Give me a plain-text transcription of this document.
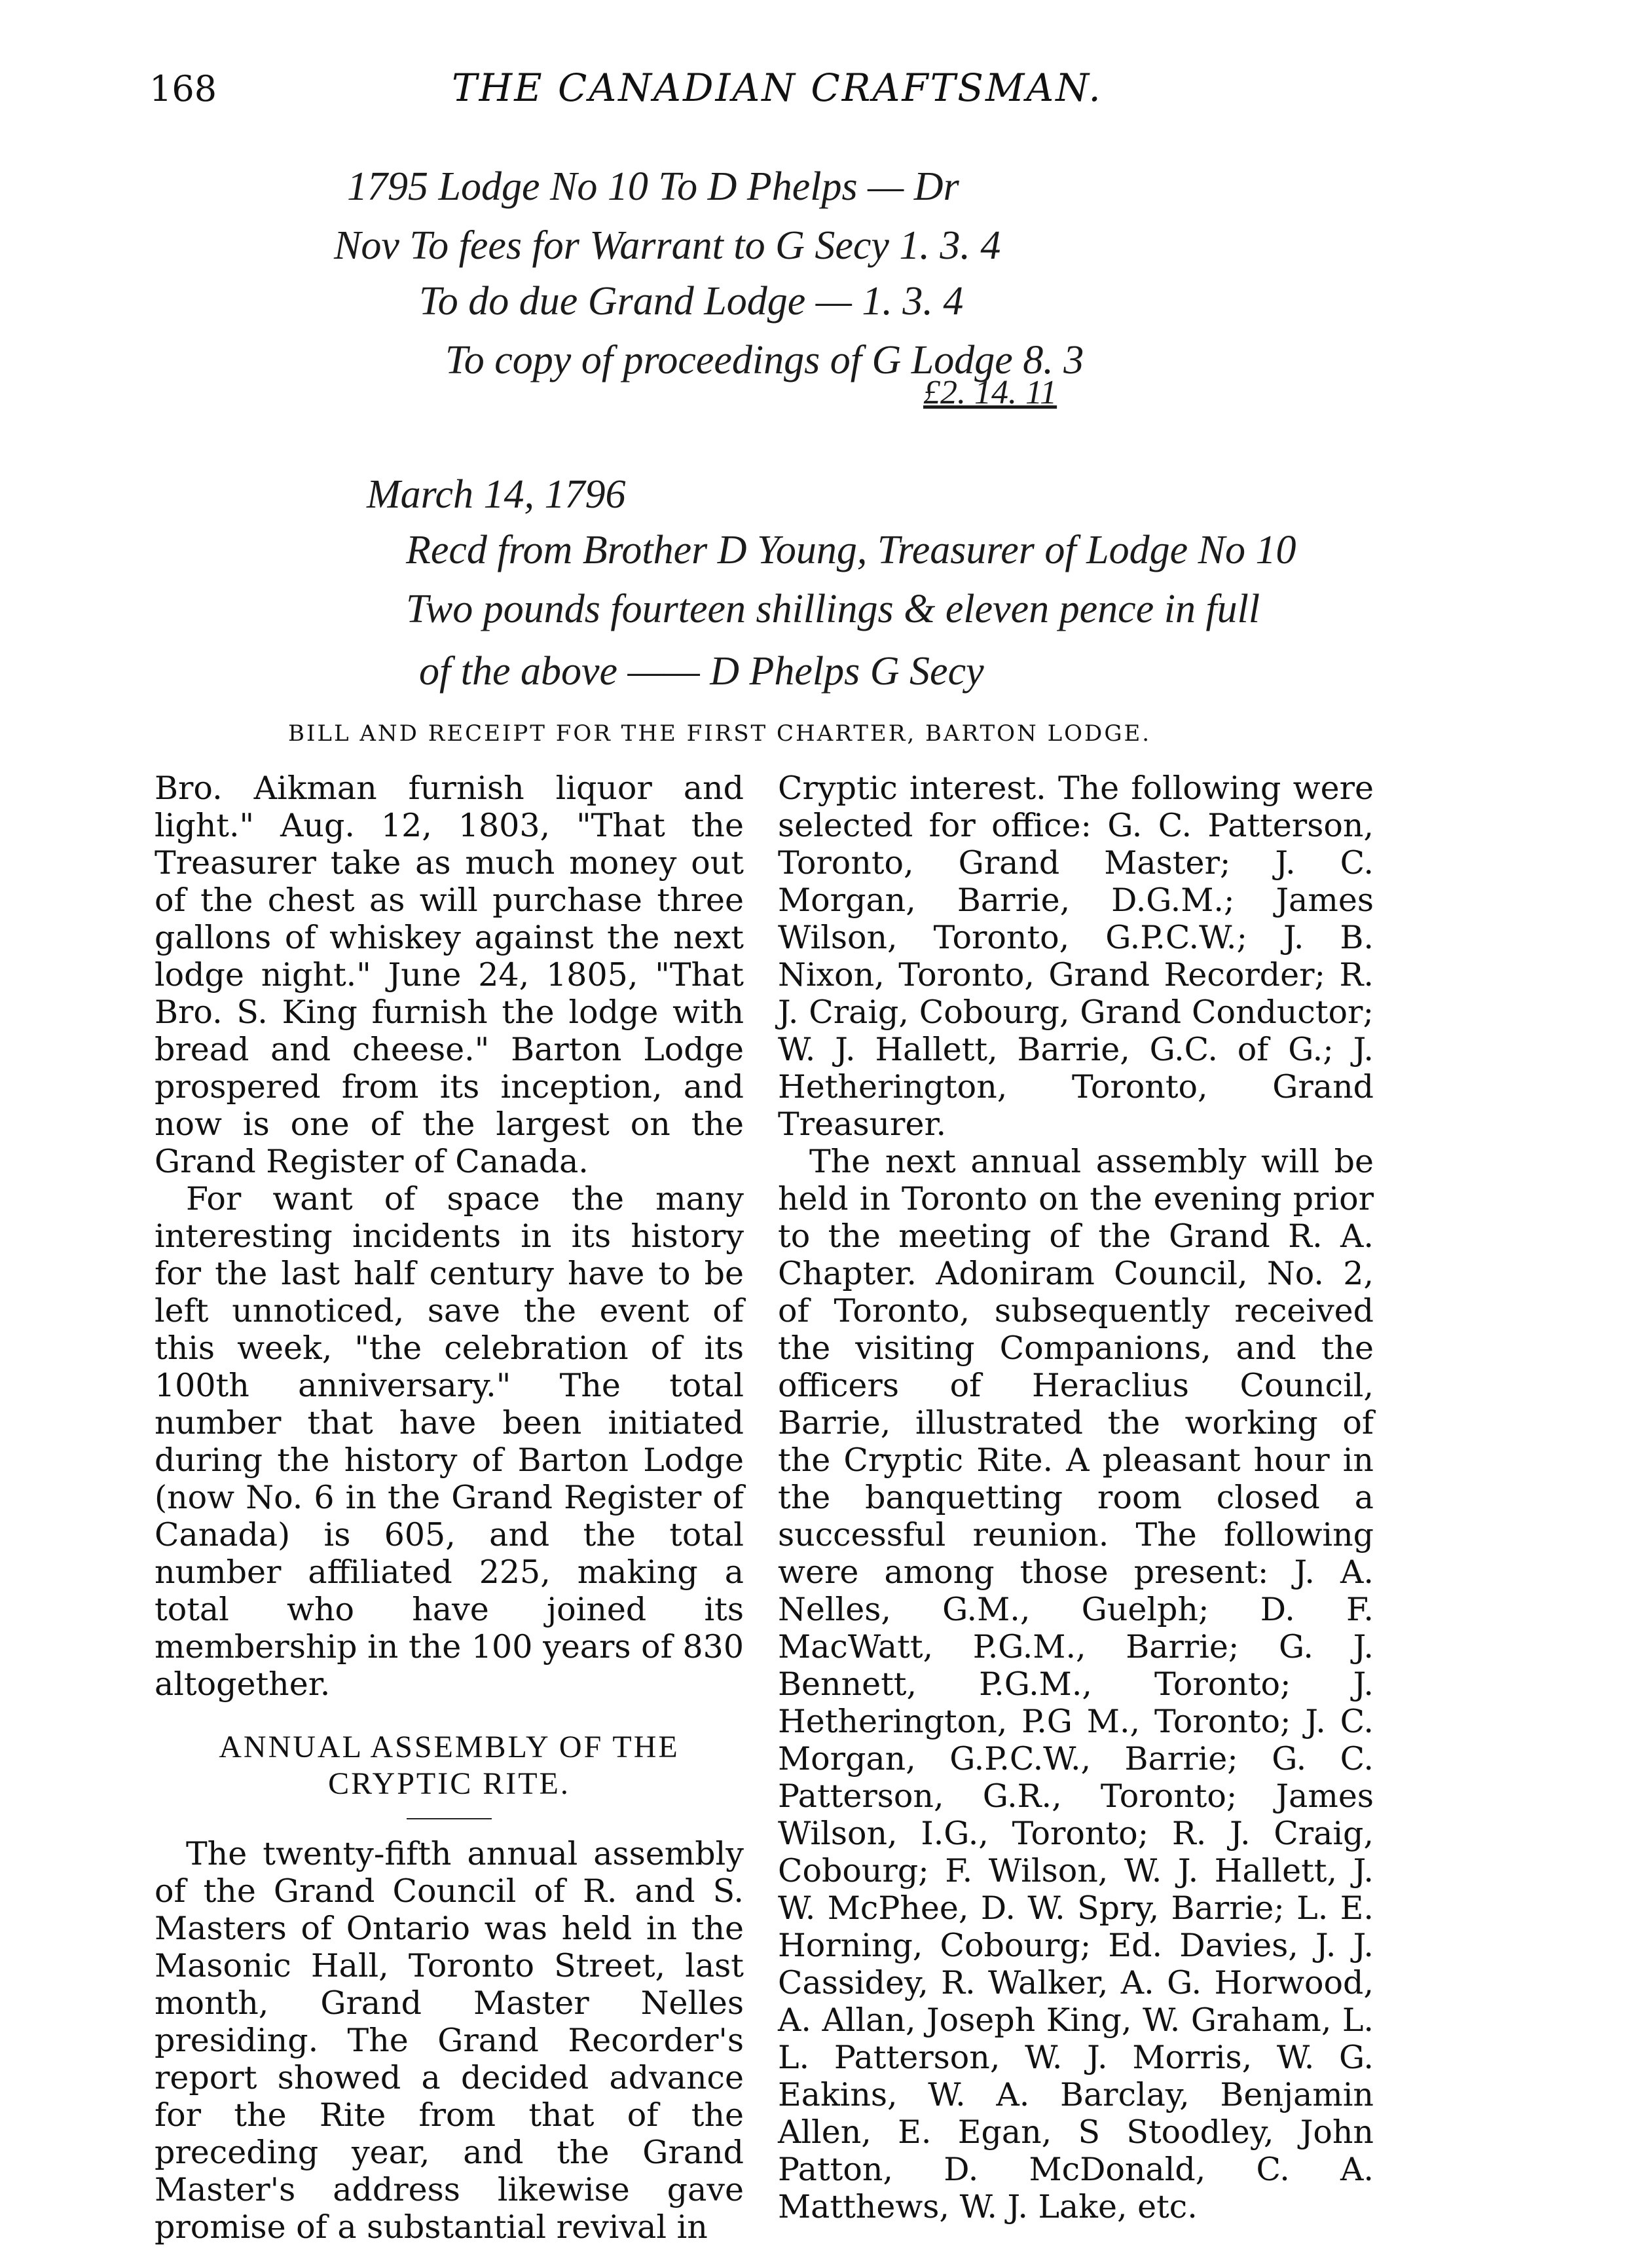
168	THE CANADIAN CRAFTSMAN.
1795 Lodge No 10 To D Phelps — Dr
Nov To fees for Warrant to G Secy 1. 3. 4
To do due Grand Lodge — 1. 3. 4
To copy of proceedings of G Lodge 8. 3
£2. 14. 11
March 14, 1796
Recd from Brother D Young, Treasurer of Lodge No 10
Two pounds fourteen shillings & eleven pence in full
of the above —— D Phelps G Secy
BILL AND RECEIPT FOR THE FIRST CHARTER, BARTON LODGE.

Bro. Aikman furnish liquor and light." Aug. 12, 1803, "That the Treasurer take as much money out of the chest as will purchase three gallons of whiskey against the next lodge night." June 24, 1805, "That Bro. S. King furnish the lodge with bread and cheese." Barton Lodge prospered from its inception, and now is one of the largest on the Grand Register of Canada.

For want of space the many interesting incidents in its history for the last half century have to be left unnoticed, save the event of this week, "the celebration of its 100th anniversary." The total number that have been initiated during the history of Barton Lodge (now No. 6 in the Grand Register of Canada) is 605, and the total number affiliated 225, making a total who have joined its membership in the 100 years of 830 altogether.

ANNUAL ASSEMBLY OF THE CRYPTIC RITE.

The twenty-fifth annual assembly of the Grand Council of R. and S. Masters of Ontario was held in the Masonic Hall, Toronto Street, last month, Grand Master Nelles presiding. The Grand Recorder's report showed a decided advance for the Rite from that of the preceding year, and the Grand Master's address likewise gave promise of a substantial revival in

Cryptic interest. The following were selected for office: G. C. Patterson, Toronto, Grand Master; J. C. Morgan, Barrie, D.G.M.; James Wilson, Toronto, G.P.C.W.; J. B. Nixon, Toronto, Grand Recorder; R. J. Craig, Cobourg, Grand Conductor; W. J. Hallett, Barrie, G.C. of G.; J. Hetherington, Toronto, Grand Treasurer.

The next annual assembly will be held in Toronto on the evening prior to the meeting of the Grand R. A. Chapter. Adoniram Council, No. 2, of Toronto, subsequently received the visiting Companions, and the officers of Heraclius Council, Barrie, illustrated the working of the Cryptic Rite. A pleasant hour in the banquetting room closed a successful reunion. The following were among those present: J. A. Nelles, G.M., Guelph; D. F. MacWatt, P.G.M., Barrie; G. J. Bennett, P.G.M., Toronto; J. Hetherington, P.G M., Toronto; J. C. Morgan, G.P.C.W., Barrie; G. C. Patterson, G.R., Toronto; James Wilson, I.G., Toronto; R. J. Craig, Cobourg; F. Wilson, W. J. Hallett, J. W. McPhee, D. W. Spry, Barrie; L. E. Horning, Cobourg; Ed. Davies, J. J. Cassidey, R. Walker, A. G. Horwood, A. Allan, Joseph King, W. Graham, L. L. Patterson, W. J. Morris, W. G. Eakins, W. A. Barclay, Benjamin Allen, E. Egan, S Stoodley, John Patton, D. McDonald, C. A. Matthews, W. J. Lake, etc.
